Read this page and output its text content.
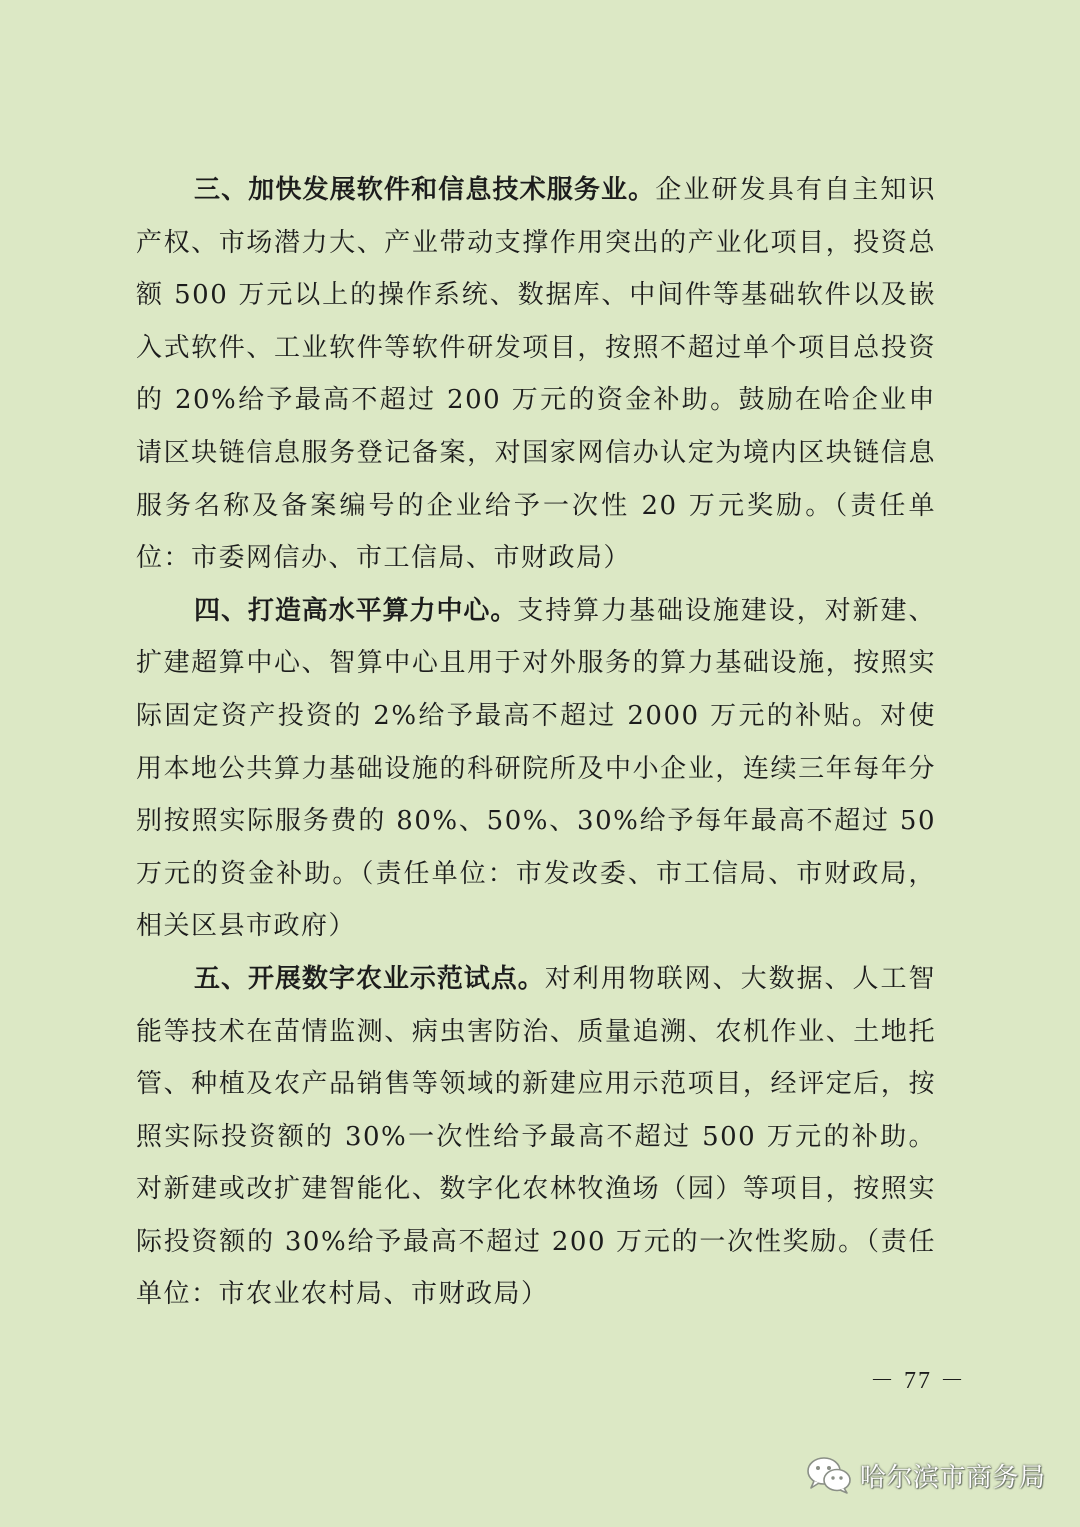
三、加快发展软件和信息技术服务业。企业研发具有自主知识产权、市场潜力大、产业带动支撑作用突出的产业化项目，投资总额 500 万元以上的操作系统、数据库、中间件等基础软件以及嵌入式软件、工业软件等软件研发项目，按照不超过单个项目总投资的 20%给予最高不超过 200 万元的资金补助。鼓励在哈企业申请区块链信息服务登记备案，对国家网信办认定为境内区块链信息服务名称及备案编号的企业给予一次性 20 万元奖励。（责任单位：市委网信办、市工信局、市财政局）

四、打造高水平算力中心。支持算力基础设施建设，对新建、扩建超算中心、智算中心且用于对外服务的算力基础设施，按照实际固定资产投资的 2%给予最高不超过 2000 万元的补贴。对使用本地公共算力基础设施的科研院所及中小企业，连续三年每年分别按照实际服务费的 80%、50%、30%给予每年最高不超过 50 万元的资金补助。（责任单位：市发改委、市工信局、市财政局，相关区县市政府）

五、开展数字农业示范试点。对利用物联网、大数据、人工智能等技术在苗情监测、病虫害防治、质量追溯、农机作业、土地托管、种植及农产品销售等领域的新建应用示范项目，经评定后，按照实际投资额的 30%一次性给予最高不超过 500 万元的补助。对新建或改扩建智能化、数字化农林牧渔场（园）等项目，按照实际投资额的 30%给予最高不超过 200 万元的一次性奖励。（责任单位：市农业农村局、市财政局）

－ 77 －
哈尔滨市商务局
